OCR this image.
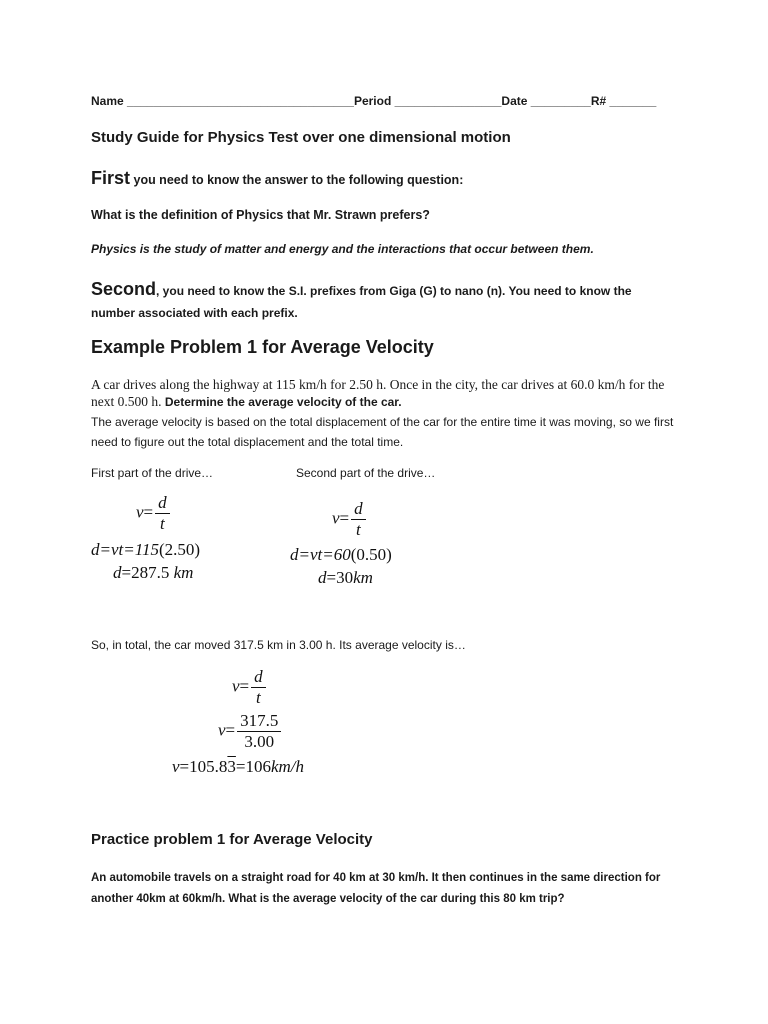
Name __________________________________Period ________________Date _________R# _______
Study Guide for Physics Test over one dimensional motion
First you need to know the answer to the following question:
What is the definition of Physics that Mr. Strawn prefers?
Physics is the study of matter and energy and the interactions that occur between them.
Second, you need to know the S.I. prefixes from Giga (G) to nano (n). You need to know the number associated with each prefix.
Example Problem 1 for Average Velocity
A car drives along the highway at 115 km/h for 2.50 h. Once in the city, the car drives at 60.0 km/h for the next 0.500 h. Determine the average velocity of the car.
The average velocity is based on the total displacement of the car for the entire time it was moving, so we first need to figure out the total displacement and the total time.
First part of the drive…	Second part of the drive…
$v= \frac{d}{t}$
d=vt=115(2.50)
d=287.5 km
$v= \frac{d}{t}$
d=vt=60(0.50)
d=30km
So, in total, the car moved 317.5 km in 3.00 h. Its average velocity is…
$v= \frac{d}{t}$
$v= \frac{317.5}{3.00}$
v=105.83=106km/h
Practice problem 1 for Average Velocity
An automobile travels on a straight road for 40 km at 30 km/h. It then continues in the same direction for another 40km at 60km/h. What is the average velocity of the car during this 80 km trip?
